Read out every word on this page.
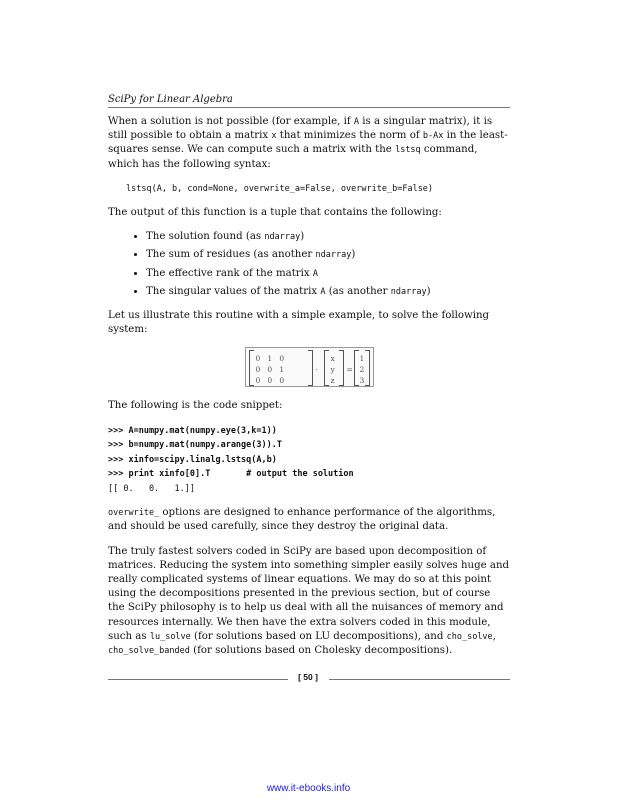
SciPy for Linear Algebra

When a solution is not possible (for example, if A is a singular matrix), it is still possible to obtain a matrix x that minimizes the norm of b-Ax in the least-squares sense. We can compute such a matrix with the lstsq command, which has the following syntax:

lstsq(A, b, cond=None, overwrite_a=False, overwrite_b=False)

The output of this function is a tuple that contains the following:

• The solution found (as ndarray)
• The sum of residues (as another ndarray)
• The effective rank of the matrix A
• The singular values of the matrix A (as another ndarray)

Let us illustrate this routine with a simple example, to solve the following system:

0   1   0
0   0   1
0   0   0
·
x
y
z
=
1
2
3

The following is the code snippet:

>>> A=numpy.mat(numpy.eye(3,k=1))
>>> b=numpy.mat(numpy.arange(3)).T
>>> xinfo=scipy.linalg.lstsq(A,b)
>>> print xinfo[0].T       # output the solution
[[ 0.   0.   1.]]

overwrite_ options are designed to enhance performance of the algorithms, and should be used carefully, since they destroy the original data.

The truly fastest solvers coded in SciPy are based upon decomposition of matrices. Reducing the system into something simpler easily solves huge and really complicated systems of linear equations. We may do so at this point using the decompositions presented in the previous section, but of course the SciPy philosophy is to help us deal with all the nuisances of memory and resources internally. We then have the extra solvers coded in this module, such as lu_solve (for solutions based on LU decompositions), and cho_solve, cho_solve_banded (for solutions based on Cholesky decompositions).

[ 50 ]
www.it-ebooks.info
